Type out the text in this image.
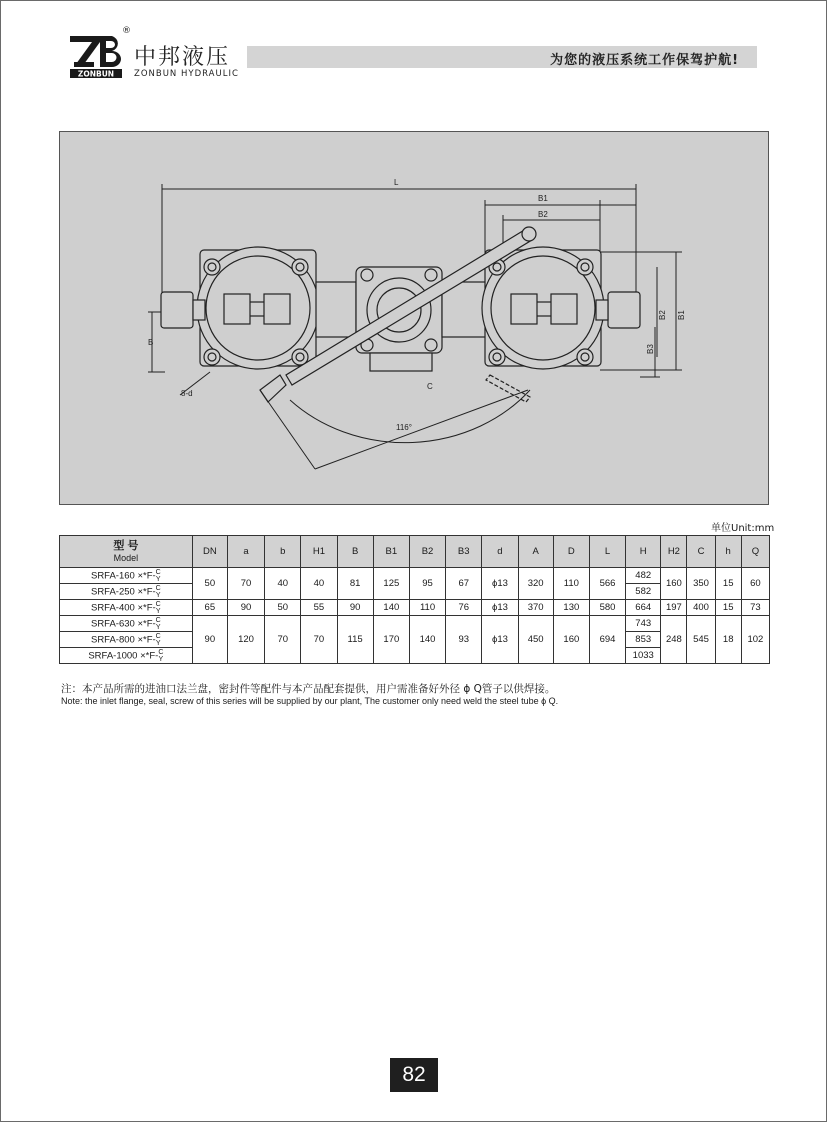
ZONBUN
®
中邦液压
ZONBUN HYDRAULIC
为您的液压系统工作保驾护航!
L
B1
B2
B
8-d
C
116°
B2 B1
B3
单位Unit:mm
型 号
Model	DN	a	b	H1	B	B1	B2	B3	d	A	D	L	H	H2	C	h	Q
SRFA-160 ×*F- C
Y	50	70	40	40	81	125	95	67	ϕ13	320	110	566	482	160	350	15	60
SRFA-250 ×*F- C
Y													582				
SRFA-400 ×*F- C
Y	65	90	50	55	90	140	110	76	ϕ13	370	130	580	664	197	400	15	73
SRFA-630 ×*F- C
Y	90	120	70	70	115	170	140	93	ϕ13	450	160	694	743	248	545	18	102
SRFA-800 ×*F- C
Y													853				
SRFA-1000 ×*F- C
Y													1033				
注：本产品所需的进油口法兰盘，密封件等配件与本产品配套提供，用户需准备好外径 ϕ Q管子以供焊接。
Note: the inlet flange, seal, screw of this series will be supplied by our plant, The customer only need weld the steel tube ϕ Q.
82
